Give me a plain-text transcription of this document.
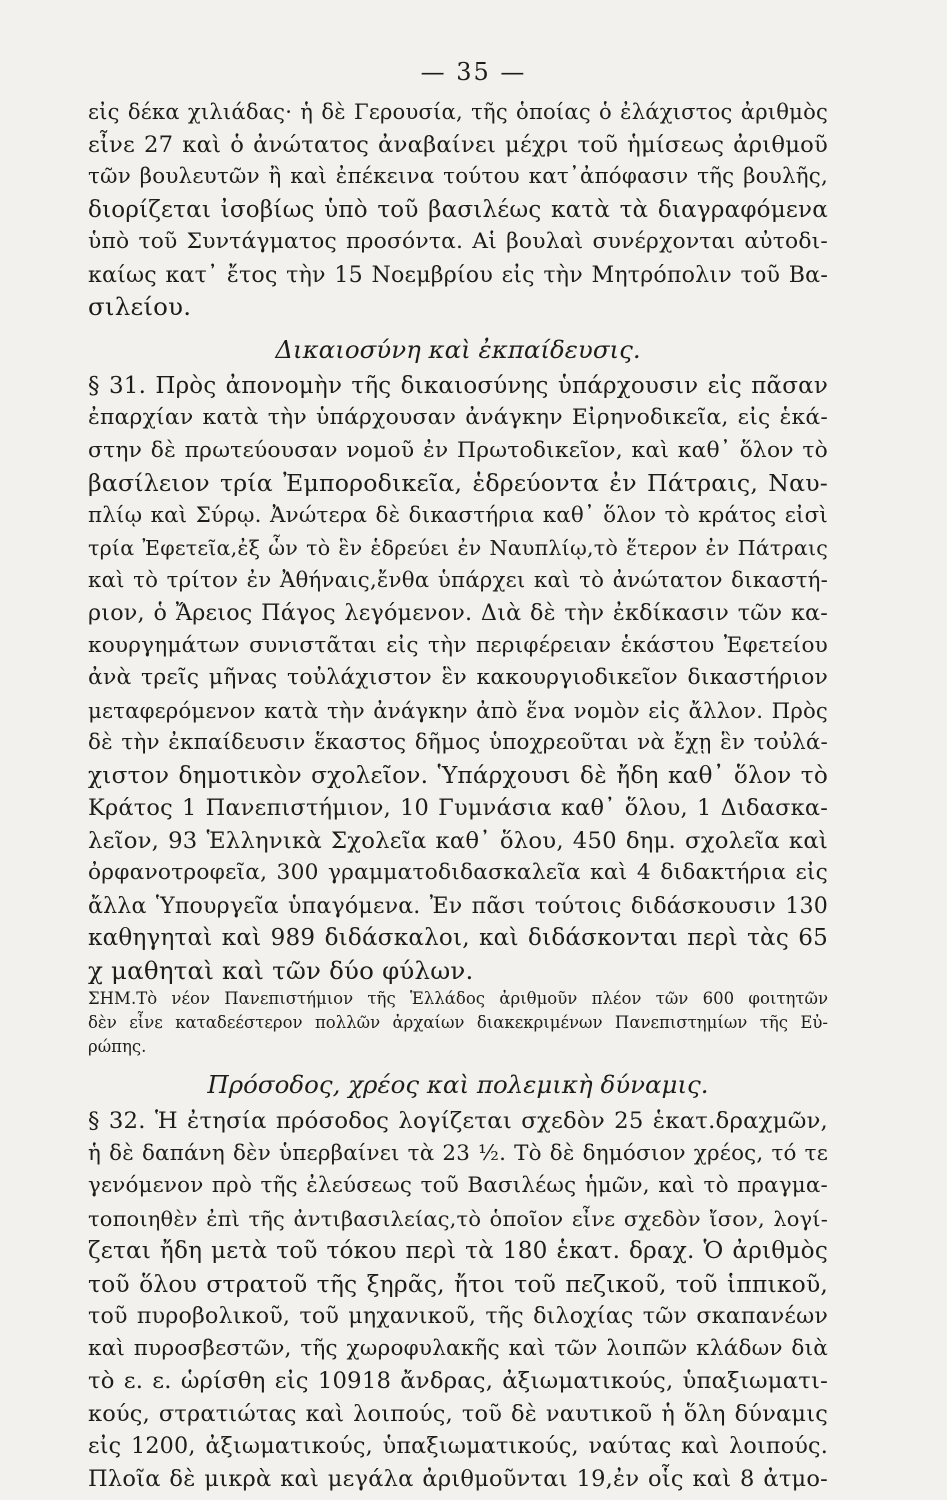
— 35 —
εἰς δέκα χιλιάδας· ἡ δὲ Γερουσία, τῆς ὁποίας ὁ ἐλάχιστος ἀριθμὸς
εἶνε 27 καὶ ὁ ἀνώτατος ἀναβαίνει μέχρι τοῦ ἡμίσεως ἀριθμοῦ
τῶν βουλευτῶν ἢ καὶ ἐπέκεινα τούτου κατ᾽ἀπόφασιν τῆς βουλῆς,
διορίζεται ἰσοβίως ὑπὸ τοῦ βασιλέως κατὰ τὰ διαγραφόμενα
ὑπὸ τοῦ Συντάγματος προσόντα. Αἱ βουλαὶ συνέρχονται αὐτοδι-
καίως κατ᾽ ἔτος τὴν 15 Νοεμβρίου εἰς τὴν Μητρόπολιν τοῦ Βα-
σιλείου.
Δικαιοσύνη καὶ ἐκπαίδευσις.
§ 31. Πρὸς ἀπονομὴν τῆς δικαιοσύνης ὑπάρχουσιν εἰς πᾶσαν
ἐπαρχίαν κατὰ τὴν ὑπάρχουσαν ἀνάγκην Εἰρηνοδικεῖα, εἰς ἑκά-
στην δὲ πρωτεύουσαν νομοῦ ἐν Πρωτοδικεῖον, καὶ καθ᾽ ὅλον τὸ
βασίλειον τρία Ἐμποροδικεῖα, ἑδρεύοντα ἐν Πάτραις, Ναυ-
πλίῳ καὶ Σύρῳ. Ἀνώτερα δὲ δικαστήρια καθ᾽ ὅλον τὸ κράτος εἰσὶ
τρία Ἐφετεῖα,ἐξ ὧν τὸ ἓν ἑδρεύει ἐν Ναυπλίῳ,τὸ ἕτερον ἐν Πάτραις
καὶ τὸ τρίτον ἐν Ἀθήναις,ἔνθα ὑπάρχει καὶ τὸ ἀνώτατον δικαστή-
ριον, ὁ Ἄρειος Πάγος λεγόμενον. Διὰ δὲ τὴν ἐκδίκασιν τῶν κα-
κουργημάτων συνιστᾶται εἰς τὴν περιφέρειαν ἑκάστου Ἐφετείου
ἀνὰ τρεῖς μῆνας τοὐλάχιστον ἓν κακουργιοδικεῖον δικαστήριον
μεταφερόμενον κατὰ τὴν ἀνάγκην ἀπὸ ἕνα νομὸν εἰς ἄλλον. Πρὸς
δὲ τὴν ἐκπαίδευσιν ἕκαστος δῆμος ὑποχρεοῦται νὰ ἔχῃ ἓν τοὐλά-
χιστον δημοτικὸν σχολεῖον. Ὑπάρχουσι δὲ ἤδη καθ᾽ ὅλον τὸ
Κράτος 1 Πανεπιστήμιον, 10 Γυμνάσια καθ᾽ ὅλου, 1 Διδασκα-
λεῖον, 93 Ἑλληνικὰ Σχολεῖα καθ᾽ ὅλου, 450 δημ. σχολεῖα καὶ
ὀρφανοτροφεῖα, 300 γραμματοδιδασκαλεῖα καὶ 4 διδακτήρια εἰς
ἄλλα Ὑπουργεῖα ὑπαγόμενα. Ἐν πᾶσι τούτοις διδάσκουσιν 130
καθηγηταὶ καὶ 989 διδάσκαλοι, καὶ διδάσκονται περὶ τὰς 65
χ μαθηταὶ καὶ τῶν δύο φύλων.
ΣΗΜ.Τὸ νέον Πανεπιστήμιον τῆς Ἑλλάδος ἀριθμοῦν πλέον τῶν 600 φοιτητῶν
δὲν εἶνε καταδεέστερον πολλῶν ἀρχαίων διακεκριμένων Πανεπιστημίων τῆς Εὐ-
ρώπης.
Πρόσοδος, χρέος καὶ πολεμικὴ δύναμις.
§ 32. Ἡ ἐτησία πρόσοδος λογίζεται σχεδὸν 25 ἑκατ.δραχμῶν,
ἡ δὲ δαπάνη δὲν ὑπερβαίνει τὰ 23 ½. Τὸ δὲ δημόσιον χρέος, τό τε
γενόμενον πρὸ τῆς ἐλεύσεως τοῦ Βασιλέως ἡμῶν, καὶ τὸ πραγμα-
τοποιηθὲν ἐπὶ τῆς ἀντιβασιλείας,τὸ ὁποῖον εἶνε σχεδὸν ἴσον, λογί-
ζεται ἤδη μετὰ τοῦ τόκου περὶ τὰ 180 ἑκατ. δραχ. Ὁ ἀριθμὸς
τοῦ ὅλου στρατοῦ τῆς ξηρᾶς, ἤτοι τοῦ πεζικοῦ, τοῦ ἱππικοῦ,
τοῦ πυροβολικοῦ, τοῦ μηχανικοῦ, τῆς διλοχίας τῶν σκαπανέων
καὶ πυροσβεστῶν, τῆς χωροφυλακῆς καὶ τῶν λοιπῶν κλάδων διὰ
τὸ ε. ε. ὡρίσθη εἰς 10918 ἄνδρας, ἀξιωματικούς, ὑπαξιωματι-
κούς, στρατιώτας καὶ λοιπούς, τοῦ δὲ ναυτικοῦ ἡ ὅλη δύναμις
εἰς 1200, ἀξιωματικούς, ὑπαξιωματικούς, ναύτας καὶ λοιπούς.
Πλοῖα δὲ μικρὰ καὶ μεγάλα ἀριθμοῦνται 19,ἐν οἷς καὶ 8 ἀτμο-
